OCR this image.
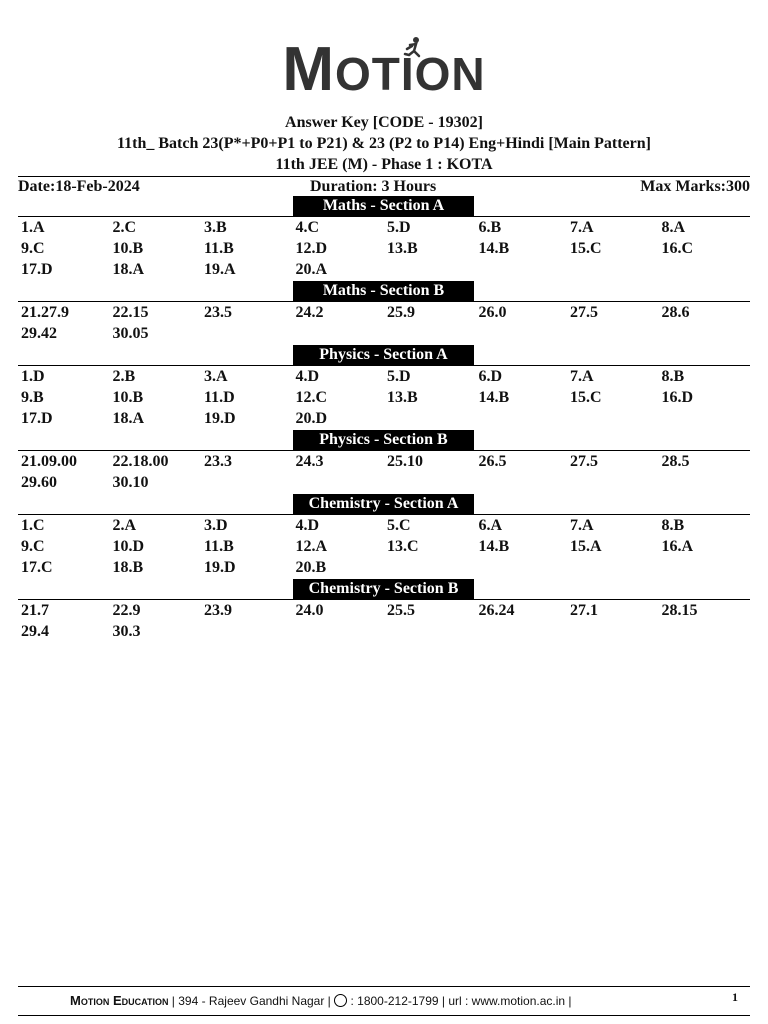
MOTION
Answer Key [CODE - 19302]
11th_ Batch 23(P*+P0+P1 to P21) & 23 (P2 to P14) Eng+Hindi [Main Pattern]
11th JEE (M) - Phase 1 : KOTA
Date:18-Feb-2024	Duration: 3 Hours	Max Marks:300
Maths - Section A
1.A	2.C	3.B	4.C	5.D	6.B	7.A	8.A
9.C	10.B	11.B	12.D	13.B	14.B	15.C	16.C
17.D	18.A	19.A	20.A
Maths - Section B
21.27.9	22.15	23.5	24.2	25.9	26.0	27.5	28.6
29.42	30.05
Physics - Section A
1.D	2.B	3.A	4.D	5.D	6.D	7.A	8.B
9.B	10.B	11.D	12.C	13.B	14.B	15.C	16.D
17.D	18.A	19.D	20.D
Physics - Section B
21.09.00	22.18.00	23.3	24.3	25.10	26.5	27.5	28.5
29.60	30.10
Chemistry - Section A
1.C	2.A	3.D	4.D	5.C	6.A	7.A	8.B
9.C	10.D	11.B	12.A	13.C	14.B	15.A	16.A
17.C	18.B	19.D	20.B
Chemistry - Section B
21.7	22.9	23.9	24.0	25.5	26.24	27.1	28.15
29.4	30.3
Motion Education | 394 - Rajeev Gandhi Nagar | : 1800-212-1799 | url : www.motion.ac.in |	1
